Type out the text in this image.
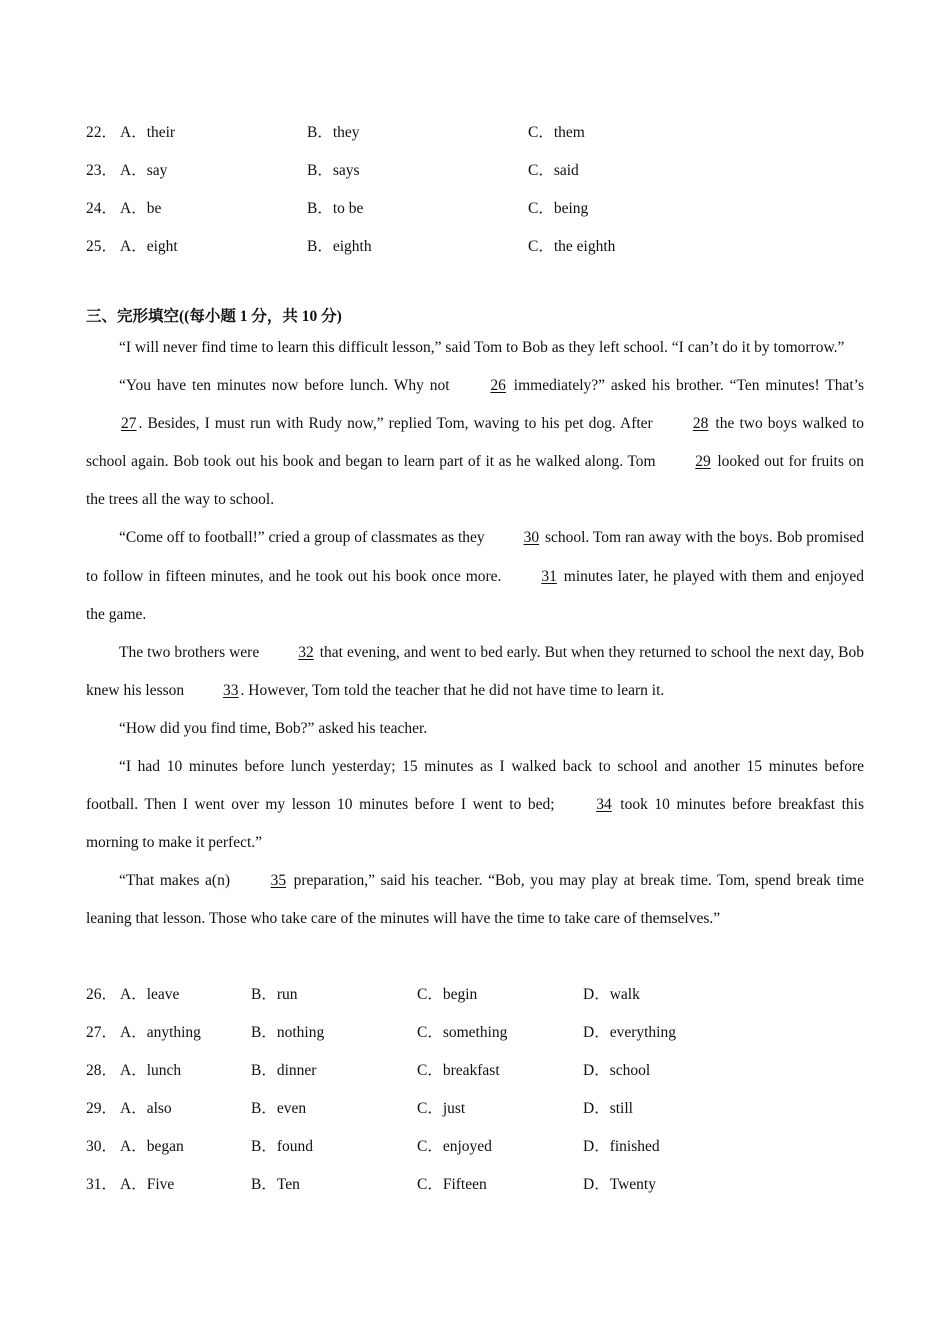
22． A．their	B．they	C．them
23． A．say	B．says	C．said
24． A．be	B．to be	C．being
25． A．eight	B．eighth	C．the eighth
三、完形填空((每小题 1 分，共 10 分)

“I will never find time to learn this difficult lesson,” said Tom to Bob as they left school. “I can’t do it by tomorrow.”

“You have ten minutes now before lunch. Why not	26 immediately?” asked his brother. “Ten minutes! That’s 27. Besides, I must run with Rudy now,” replied Tom, waving to his pet dog. After	28 the two boys walked to school again. Bob took out his book and began to learn part of it as he walked along. Tom	29 looked out for fruits on the trees all the way to school.

“Come off to football!” cried a group of classmates as they	30 school. Tom ran away with the boys. Bob promised to follow in fifteen minutes, and he took out his book once more.	31 minutes later, he played with them and enjoyed the game.

The two brothers were	32 that evening, and went to bed early. But when they returned to school the next day, Bob knew his lesson	33. However, Tom told the teacher that he did not have time to learn it.

“How did you find time, Bob?” asked his teacher.

“I had 10 minutes before lunch yesterday; 15 minutes as I walked back to school and another 15 minutes before football. Then I went over my lesson 10 minutes before I went to bed;	34 took 10 minutes before breakfast this morning to make it perfect.”

“That makes a(n)	35 preparation,” said his teacher. “Bob, you may play at break time. Tom, spend break time leaning that lesson. Those who take care of the minutes will have the time to take care of themselves.”

26． A．leave	B．run	C．begin	D．walk
27． A．anything	B．nothing	C．something	D．everything
28． A．lunch	B．dinner	C．breakfast	D．school
29． A．also	B．even	C．just	D．still
30． A．began	B．found	C．enjoyed	D．finished
31． A．Five	B．Ten	C．Fifteen	D．Twenty
